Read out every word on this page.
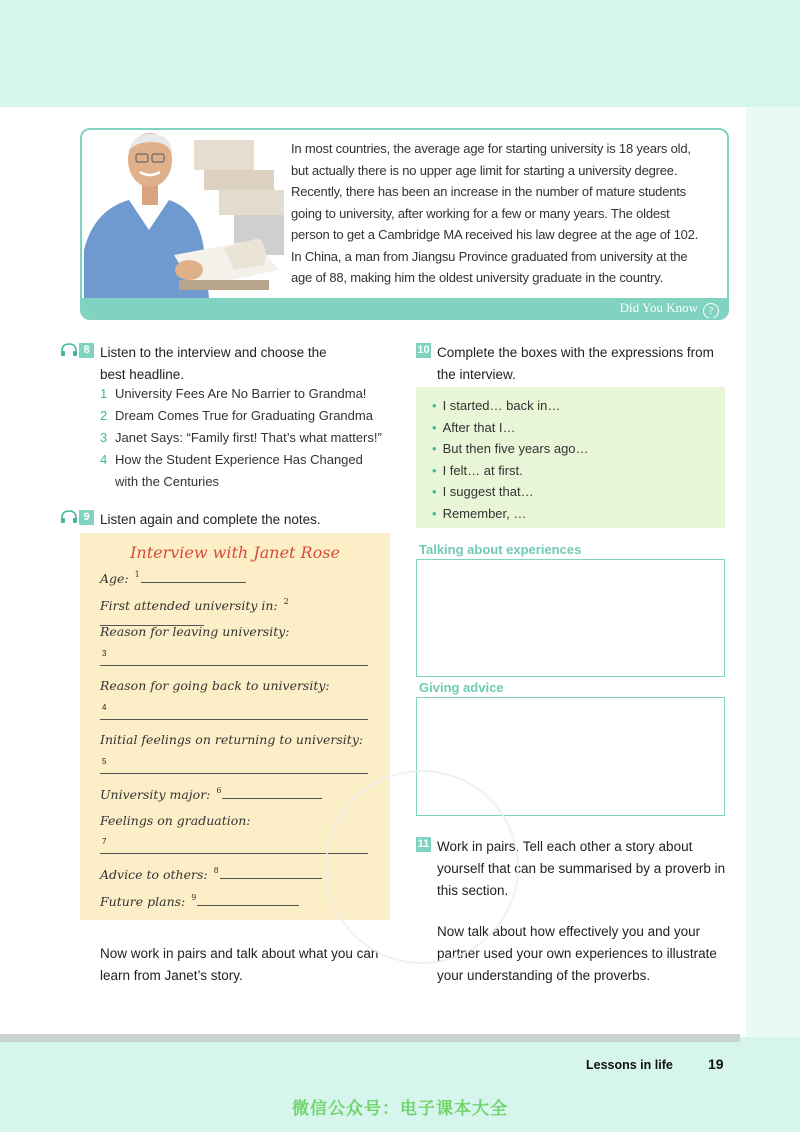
In most countries, the average age for starting university is 18 years old, but actually there is no upper age limit for starting a university degree. Recently, there has been an increase in the number of mature students going to university, after working for a few or many years. The oldest person to get a Cambridge MA received his law degree at the age of 102. In China, a man from Jiangsu Province graduated from university at the age of 88, making him the oldest university graduate in the country.
Did You Know ?
8 Listen to the interview and choose the best headline.
1 University Fees Are No Barrier to Grandma!
2 Dream Comes True for Graduating Grandma
3 Janet Says: “Family first! That’s what matters!”
4 How the Student Experience Has Changed with the Centuries
9 Listen again and complete the notes.
Interview with Janet Rose
Age: $^1$
First attended university in: $^2$
Reason for leaving university:
3
Reason for going back to university:
4
Initial feelings on returning to university:
5
University major: $^6$
Feelings on graduation:
7
Advice to others: $^8$
Future plans: $^9$
Now work in pairs and talk about what you can learn from Janet’s story.
10 Complete the boxes with the expressions from the interview.
• I started… back in…
• After that I…
• But then five years ago…
• I felt… at first.
• I suggest that…
• Remember, …
Talking about experiences
Giving advice
11 Work in pairs. Tell each other a story about yourself that can be summarised by a proverb in this section.
Now talk about how effectively you and your partner used your own experiences to illustrate your understanding of the proverbs.
Lessons in life	19
微信公众号：电子课本大全
